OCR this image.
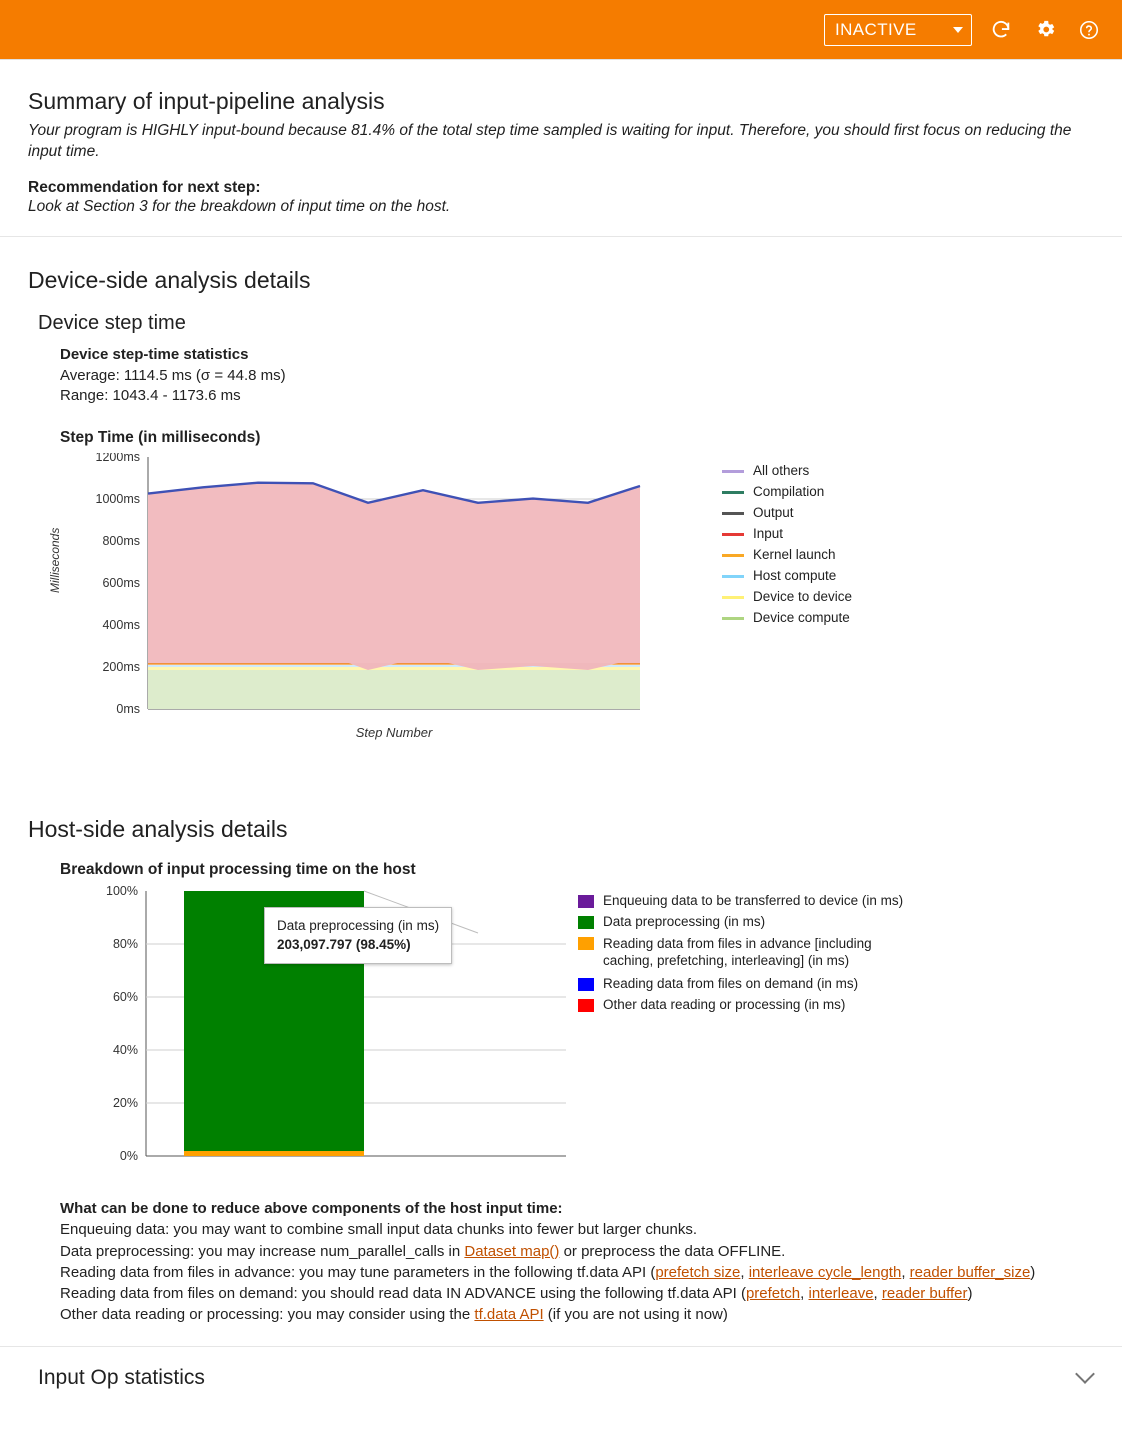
INACTIVE
Summary of input-pipeline analysis

Your program is HIGHLY input-bound because 81.4% of the total step time sampled is waiting for input. Therefore, you should first focus on reducing the input time.

Recommendation for next step:

Look at Section 3 for the breakdown of input time on the host.

Device-side analysis details
Device step time
Device step-time statistics
Average: 1114.5 ms (σ = 44.8 ms)
Range: 1043.4 - 1173.6 ms
Step Time (in milliseconds)
1200ms
1000ms
800ms
600ms
400ms
200ms
0ms
Step Number
Milliseconds
All others
Compilation
Output
Input
Kernel launch
Host compute
Device to device
Device compute
Host-side analysis details
Breakdown of input processing time on the host
100%
80%
60%
40%
20%
0%
Data preprocessing (in ms)
203,097.797 (98.45%)
Enqueuing data to be transferred to device (in ms)
Data preprocessing (in ms)
Reading data from files in advance [including caching, prefetching, interleaving] (in ms)
Reading data from files on demand (in ms)
Other data reading or processing (in ms)
What can be done to reduce above components of the host input time:
Enqueuing data: you may want to combine small input data chunks into fewer but larger chunks.
Data preprocessing: you may increase num_parallel_calls in Dataset map() or preprocess the data OFFLINE.
Reading data from files in advance: you may tune parameters in the following tf.data API (prefetch size, interleave cycle_length, reader buffer_size)
Reading data from files on demand: you should read data IN ADVANCE using the following tf.data API (prefetch, interleave, reader buffer)
Other data reading or processing: you may consider using the tf.data API (if you are not using it now)
Input Op statistics
